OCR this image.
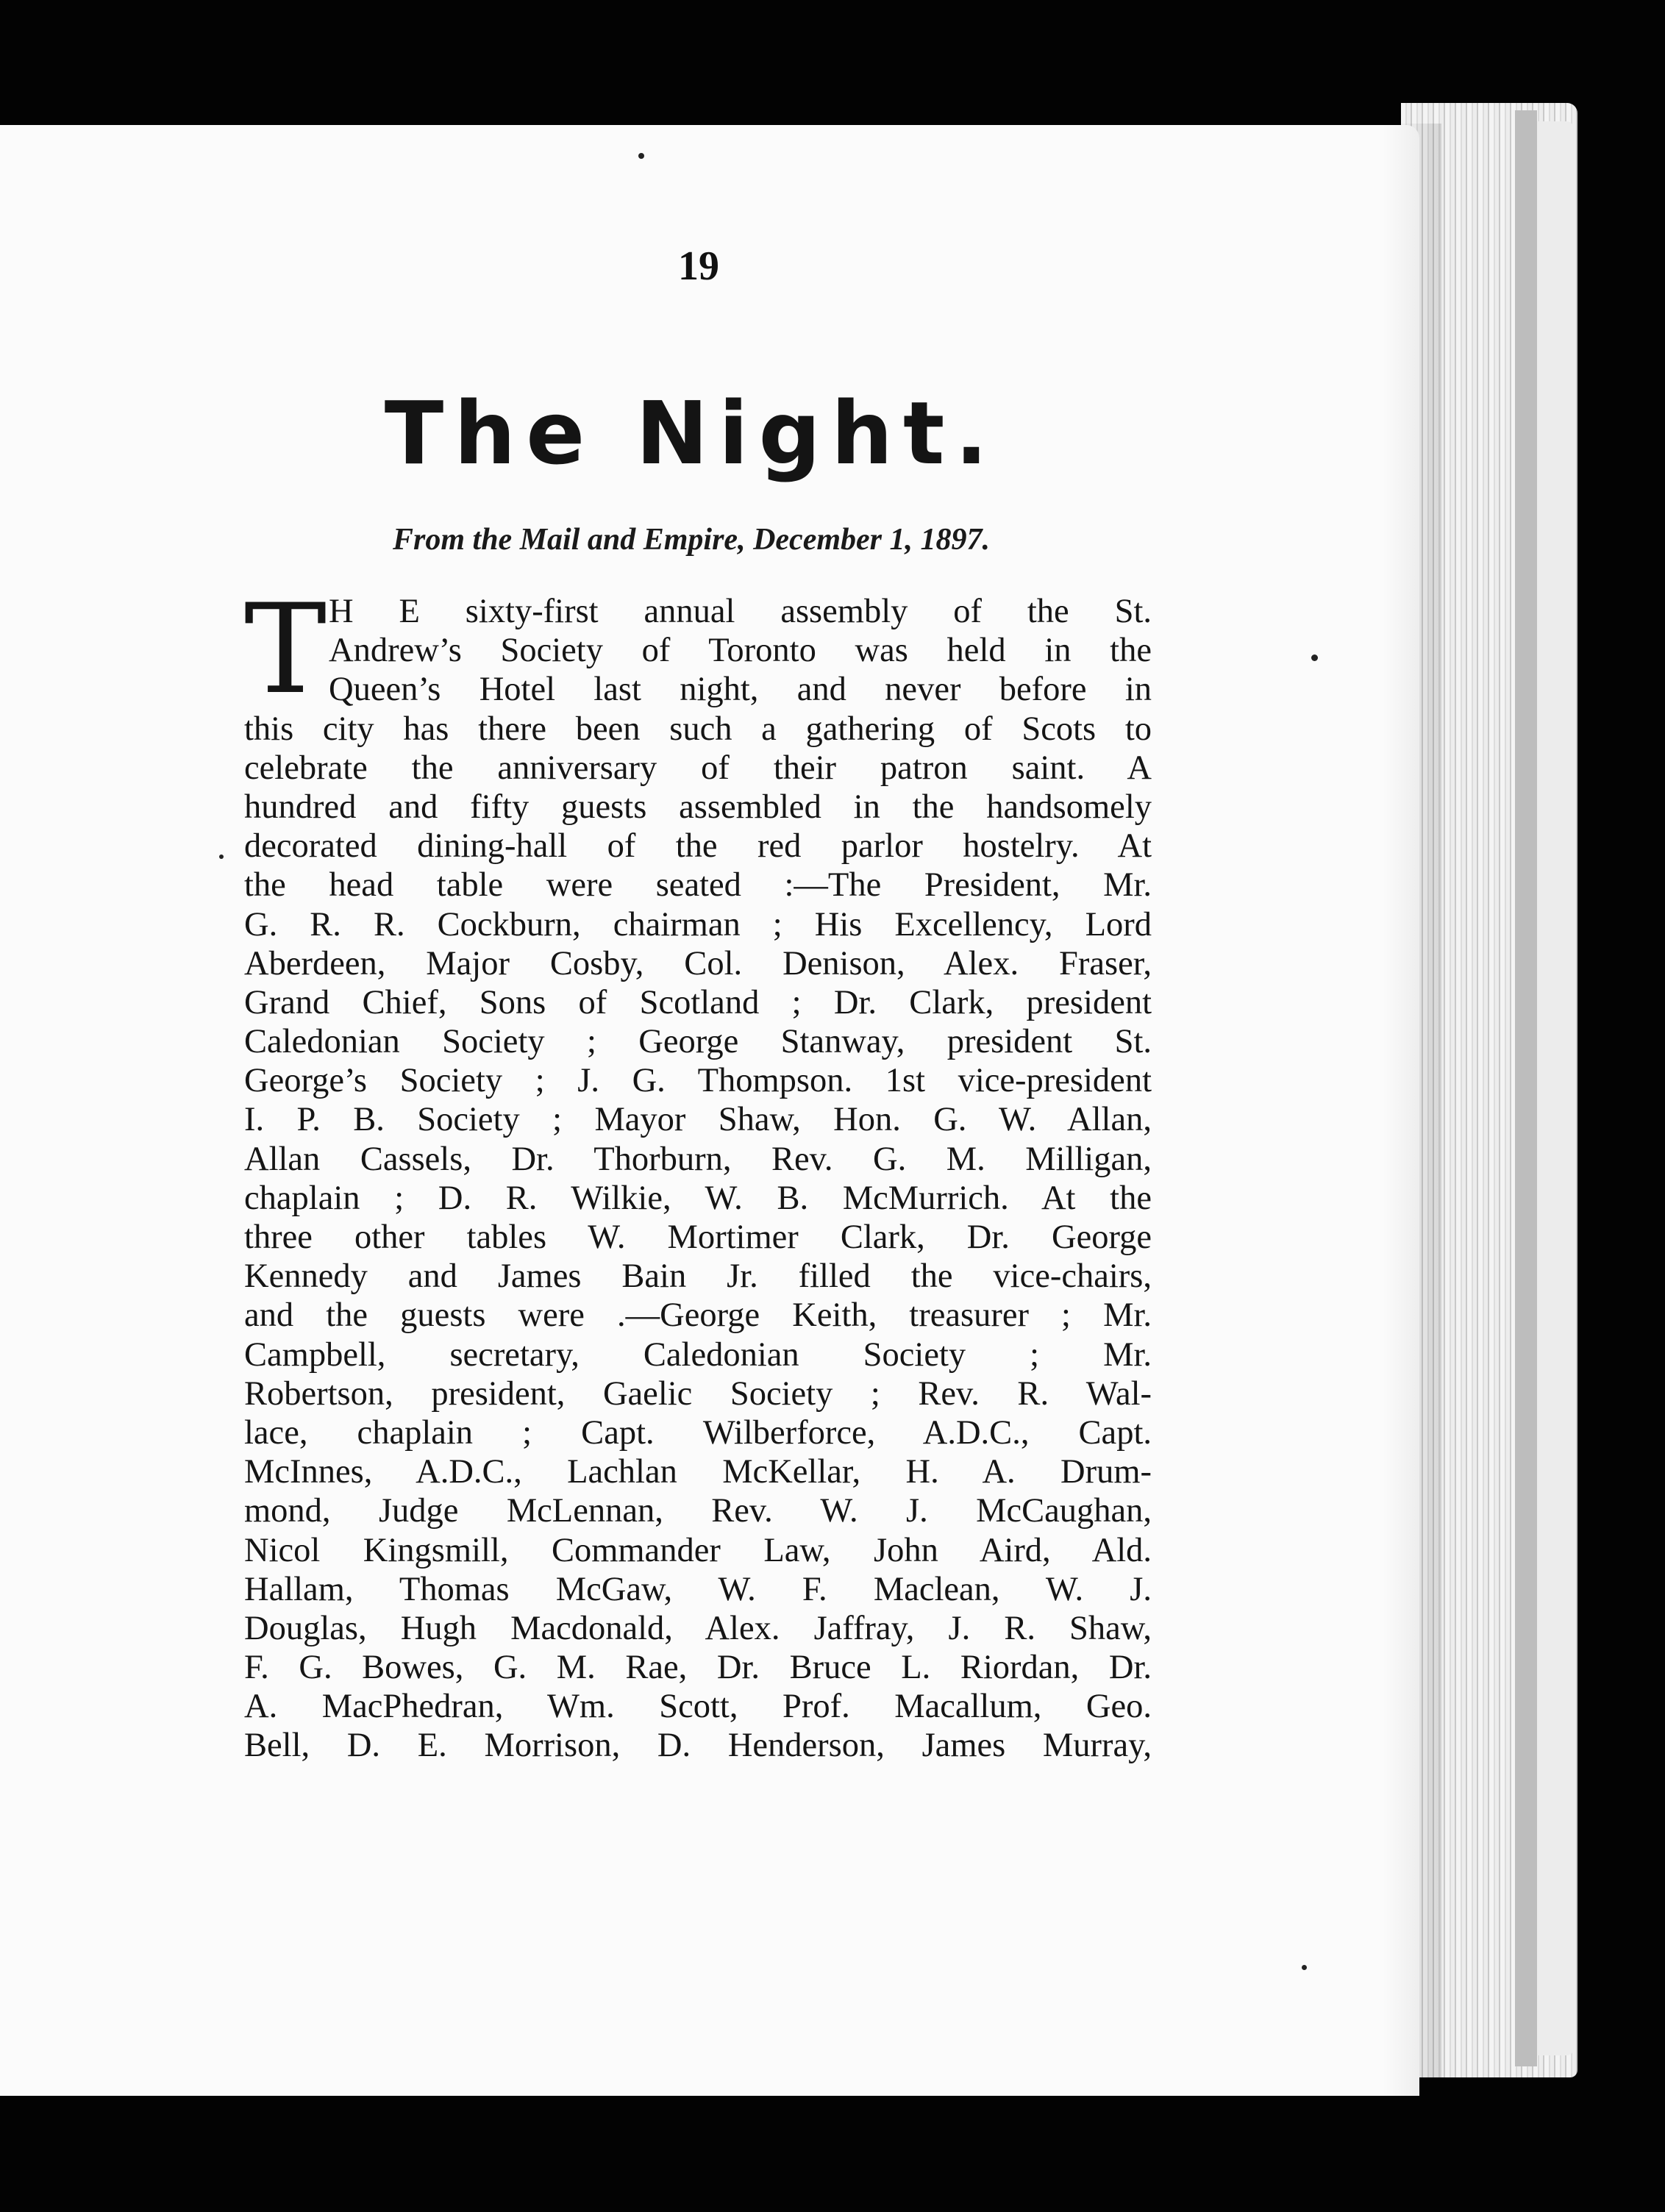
19
The Night.
From the Mail and Empire, December 1, 1897.
T H E sixty-first annual assembly of the St.
Andrew’s Society of Toronto was held in the
Queen’s Hotel last night, and never before in
this city has there been such a gathering of Scots to
celebrate the anniversary of their patron saint. A
hundred and fifty guests assembled in the handsomely
decorated dining-hall of the red parlor hostelry. At
the head table were seated :—The President, Mr.
G. R. R. Cockburn, chairman ; His Excellency, Lord
Aberdeen, Major Cosby, Col. Denison, Alex. Fraser,
Grand Chief, Sons of Scotland ; Dr. Clark, president
Caledonian Society ; George Stanway, president St.
George’s Society ; J. G. Thompson. 1st vice-president
I. P. B. Society ; Mayor Shaw, Hon. G. W. Allan,
Allan Cassels, Dr. Thorburn, Rev. G. M. Milligan,
chaplain ; D. R. Wilkie, W. B. McMurrich. At the
three other tables W. Mortimer Clark, Dr. George
Kennedy and James Bain Jr. filled the vice-chairs,
and the guests were .—George Keith, treasurer ; Mr.
Campbell, secretary, Caledonian Society ; Mr.
Robertson, president, Gaelic Society ; Rev. R. Wal-
lace, chaplain ; Capt. Wilberforce, A.D.C., Capt.
McInnes, A.D.C., Lachlan McKellar, H. A. Drum-
mond, Judge McLennan, Rev. W. J. McCaughan,
Nicol Kingsmill, Commander Law, John Aird, Ald.
Hallam, Thomas McGaw, W. F. Maclean, W. J.
Douglas, Hugh Macdonald, Alex. Jaffray, J. R. Shaw,
F. G. Bowes, G. M. Rae, Dr. Bruce L. Riordan, Dr.
A. MacPhedran, Wm. Scott, Prof. Macallum, Geo.
Bell, D. E. Morrison, D. Henderson, James Murray,
